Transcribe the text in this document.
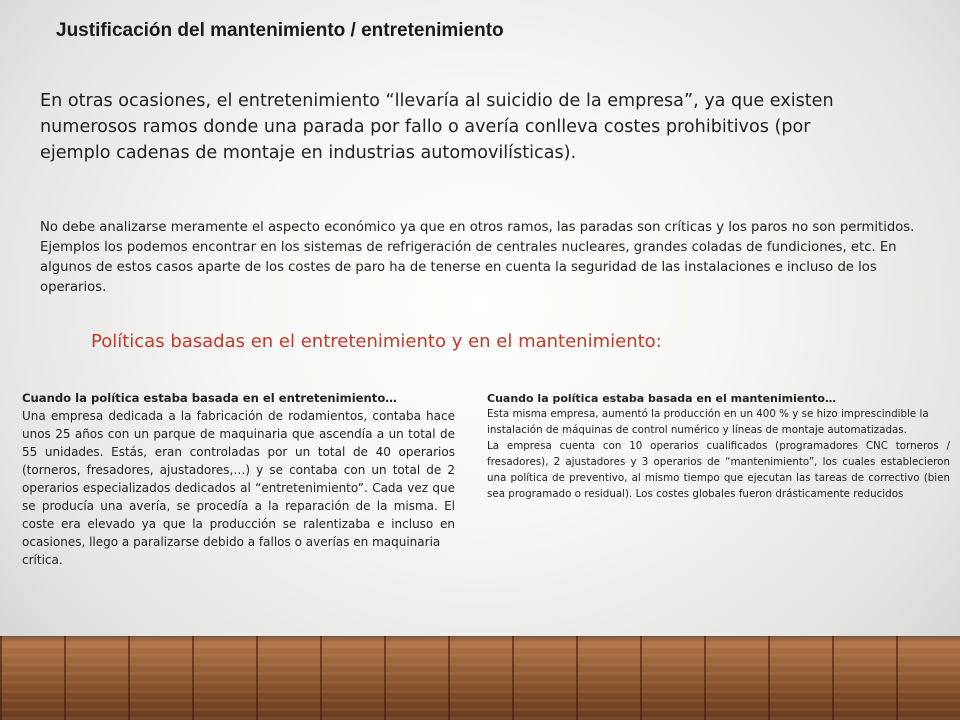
Justificación del mantenimiento / entretenimiento
En otras ocasiones, el entretenimiento “llevaría al suicidio de la empresa”, ya que existen numerosos ramos donde una parada por fallo o avería conlleva costes prohibitivos (por ejemplo cadenas de montaje en industrias automovilísticas).
No debe analizarse meramente el aspecto económico ya que en otros ramos, las paradas son críticas y los paros no son permitidos. Ejemplos los podemos encontrar en los sistemas de refrigeración de centrales nucleares, grandes coladas de fundiciones, etc. En algunos de estos casos aparte de los costes de paro ha de tenerse en cuenta la seguridad de las instalaciones e incluso de los operarios.
Políticas basadas en el entretenimiento y en el mantenimiento:
Cuando la política estaba basada en el entretenimiento…
Una empresa dedicada a la fabricación de rodamientos, contaba hace unos 25 años con un parque de maquinaria que ascendía a un total de 55 unidades. Estás, eran controladas por un total de 40 operarios (torneros, fresadores, ajustadores,…) y se contaba con un total de 2 operarios especializados dedicados al “entretenimiento”. Cada vez que se producía una avería, se procedía a la reparación de la misma. El coste era elevado ya que la producción se ralentizaba e incluso en ocasiones, llego a paralizarse debido a fallos o averías en maquinaria
crítica.
Cuando la política estaba basada en el mantenimiento…
Esta misma empresa, aumentó la producción en un 400 % y se hizo imprescindible la instalación de máquinas de control numérico y líneas de montaje automatizadas.
La empresa cuenta con 10 operarios cualificados (programadores CNC torneros / fresadores), 2 ajustadores y 3 operarios de “mantenimiento”, los cuales establecieron una política de preventivo, al mismo tiempo que ejecutan las tareas de correctivo (bien sea programado o residual). Los costes globales fueron drásticamente reducidos
